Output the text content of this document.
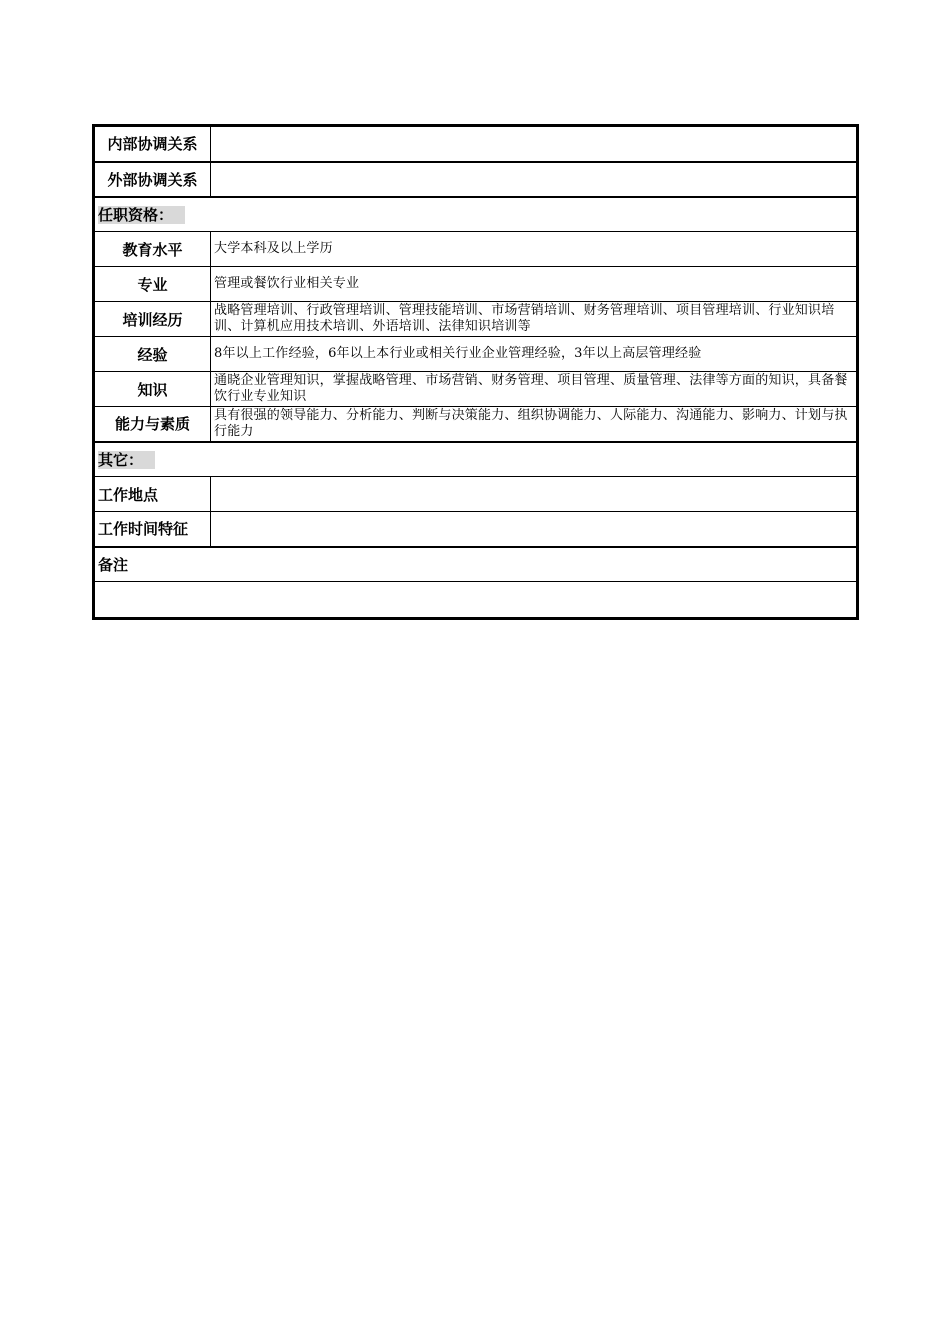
内部协调关系	
外部协调关系	
任职资格：	
教育水平	大学本科及以上学历
专业	管理或餐饮行业相关专业
培训经历	战略管理培训、行政管理培训、管理技能培训、市场营销培训、财务管理培训、项目管理培训、行业知识培训、计算机应用技术培训、外语培训、法律知识培训等
经验	8年以上工作经验，6年以上本行业或相关行业企业管理经验，3年以上高层管理经验
知识	通晓企业管理知识，掌握战略管理、市场营销、财务管理、项目管理、质量管理、法律等方面的知识，具备餐饮行业专业知识
能力与素质	具有很强的领导能力、分析能力、判断与决策能力、组织协调能力、人际能力、沟通能力、影响力、计划与执行能力
其它：	
工作地点	
工作时间特征	
备注	
